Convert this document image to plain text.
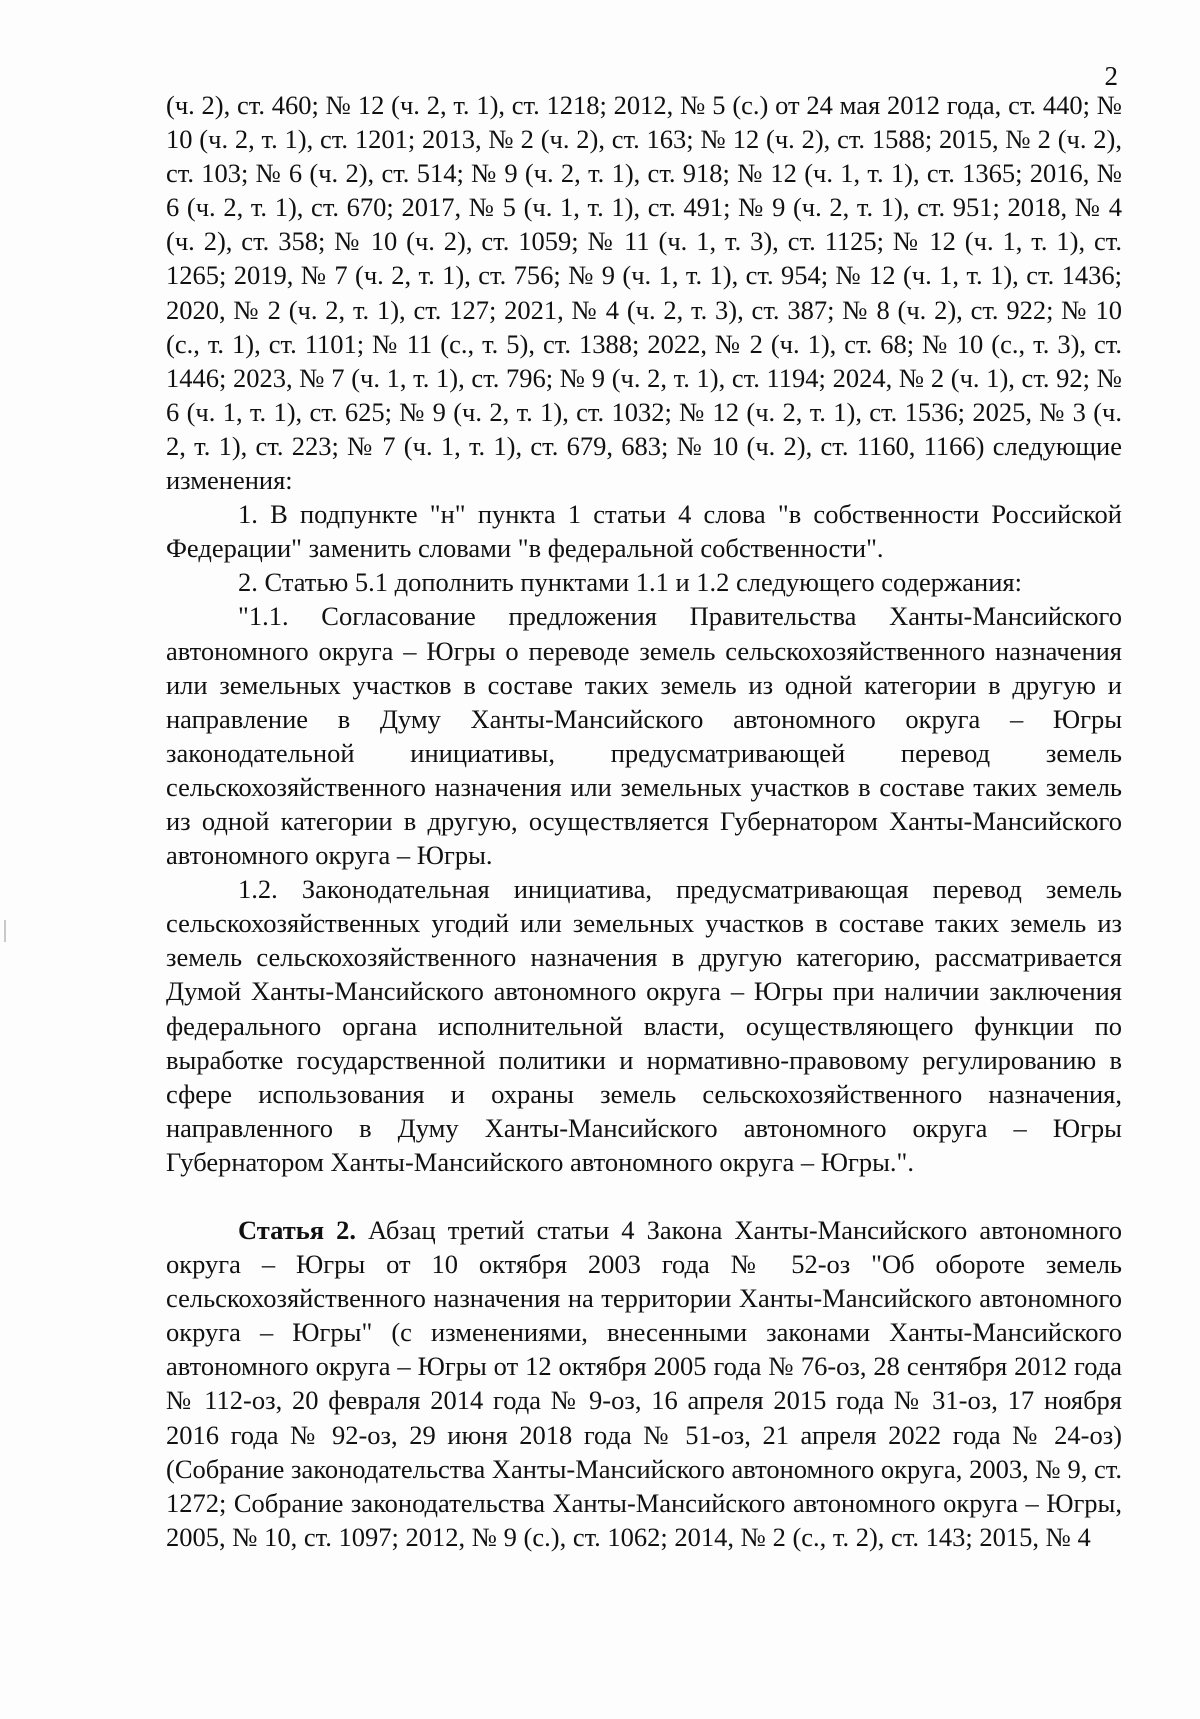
2

(ч. 2), ст. 460; № 12 (ч. 2, т. 1), ст. 1218; 2012, № 5 (с.) от 24 мая 2012 года, ст. 440; № 10 (ч. 2, т. 1), ст. 1201; 2013, № 2 (ч. 2), ст. 163; № 12 (ч. 2), ст. 1588; 2015, № 2 (ч. 2), ст. 103; № 6 (ч. 2), ст. 514; № 9 (ч. 2, т. 1), ст. 918; № 12 (ч. 1, т. 1), ст. 1365; 2016, № 6 (ч. 2, т. 1), ст. 670; 2017, № 5 (ч. 1, т. 1), ст. 491; № 9 (ч. 2, т. 1), ст. 951; 2018, № 4 (ч. 2), ст. 358; № 10 (ч. 2), ст. 1059; № 11 (ч. 1, т. 3), ст. 1125; № 12 (ч. 1, т. 1), ст. 1265; 2019, № 7 (ч. 2, т. 1), ст. 756; № 9 (ч. 1, т. 1), ст. 954; № 12 (ч. 1, т. 1), ст. 1436; 2020, № 2 (ч. 2, т. 1), ст. 127; 2021, № 4 (ч. 2, т. 3), ст. 387; № 8 (ч. 2), ст. 922; № 10 (с., т. 1), ст. 1101; № 11 (с., т. 5), ст. 1388; 2022, № 2 (ч. 1), ст. 68; № 10 (с., т. 3), ст. 1446; 2023, № 7 (ч. 1, т. 1), ст. 796; № 9 (ч. 2, т. 1), ст. 1194; 2024, № 2 (ч. 1), ст. 92; № 6 (ч. 1, т. 1), ст. 625; № 9 (ч. 2, т. 1), ст. 1032; № 12 (ч. 2, т. 1), ст. 1536; 2025, № 3 (ч. 2, т. 1), ст. 223; № 7 (ч. 1, т. 1), ст. 679, 683; № 10 (ч. 2), ст. 1160, 1166) следующие изменения:

1. В подпункте "н" пункта 1 статьи 4 слова "в собственности Российской Федерации" заменить словами "в федеральной собственности".

2. Статью 5.1 дополнить пунктами 1.1 и 1.2 следующего содержания:

"1.1. Согласование предложения Правительства Ханты-Мансийского автономного округа – Югры о переводе земель сельскохозяйственного назначения или земельных участков в составе таких земель из одной категории в другую и направление в Думу Ханты-Мансийского автономного округа – Югры законодательной инициативы, предусматривающей перевод земель сельскохозяйственного назначения или земельных участков в составе таких земель из одной категории в другую, осуществляется Губернатором Ханты-Мансийского автономного округа – Югры.

1.2. Законодательная инициатива, предусматривающая перевод земель сельскохозяйственных угодий или земельных участков в составе таких земель из земель сельскохозяйственного назначения в другую категорию, рассматривается Думой Ханты-Мансийского автономного округа – Югры при наличии заключения федерального органа исполнительной власти, осуществляющего функции по выработке государственной политики и нормативно-правовому регулированию в сфере использования и охраны земель сельскохозяйственного назначения, направленного в Думу Ханты-Мансийского автономного округа – Югры Губернатором Ханты-Мансийского автономного округа – Югры.".

Статья 2. Абзац третий статьи 4 Закона Ханты-Мансийского автономного округа – Югры от 10 октября 2003 года № 52-оз "Об обороте земель сельскохозяйственного назначения на территории Ханты-Мансийского автономного округа – Югры" (с изменениями, внесенными законами Ханты-Мансийского автономного округа – Югры от 12 октября 2005 года № 76-оз, 28 сентября 2012 года № 112-оз, 20 февраля 2014 года № 9-оз, 16 апреля 2015 года № 31-оз, 17 ноября 2016 года № 92-оз, 29 июня 2018 года № 51-оз, 21 апреля 2022 года № 24-оз) (Собрание законодательства Ханты-Мансийского автономного округа, 2003, № 9, ст. 1272; Собрание законодательства Ханты-Мансийского автономного округа – Югры, 2005, № 10, ст. 1097; 2012, № 9 (с.), ст. 1062; 2014, № 2 (с., т. 2), ст. 143; 2015, № 4
